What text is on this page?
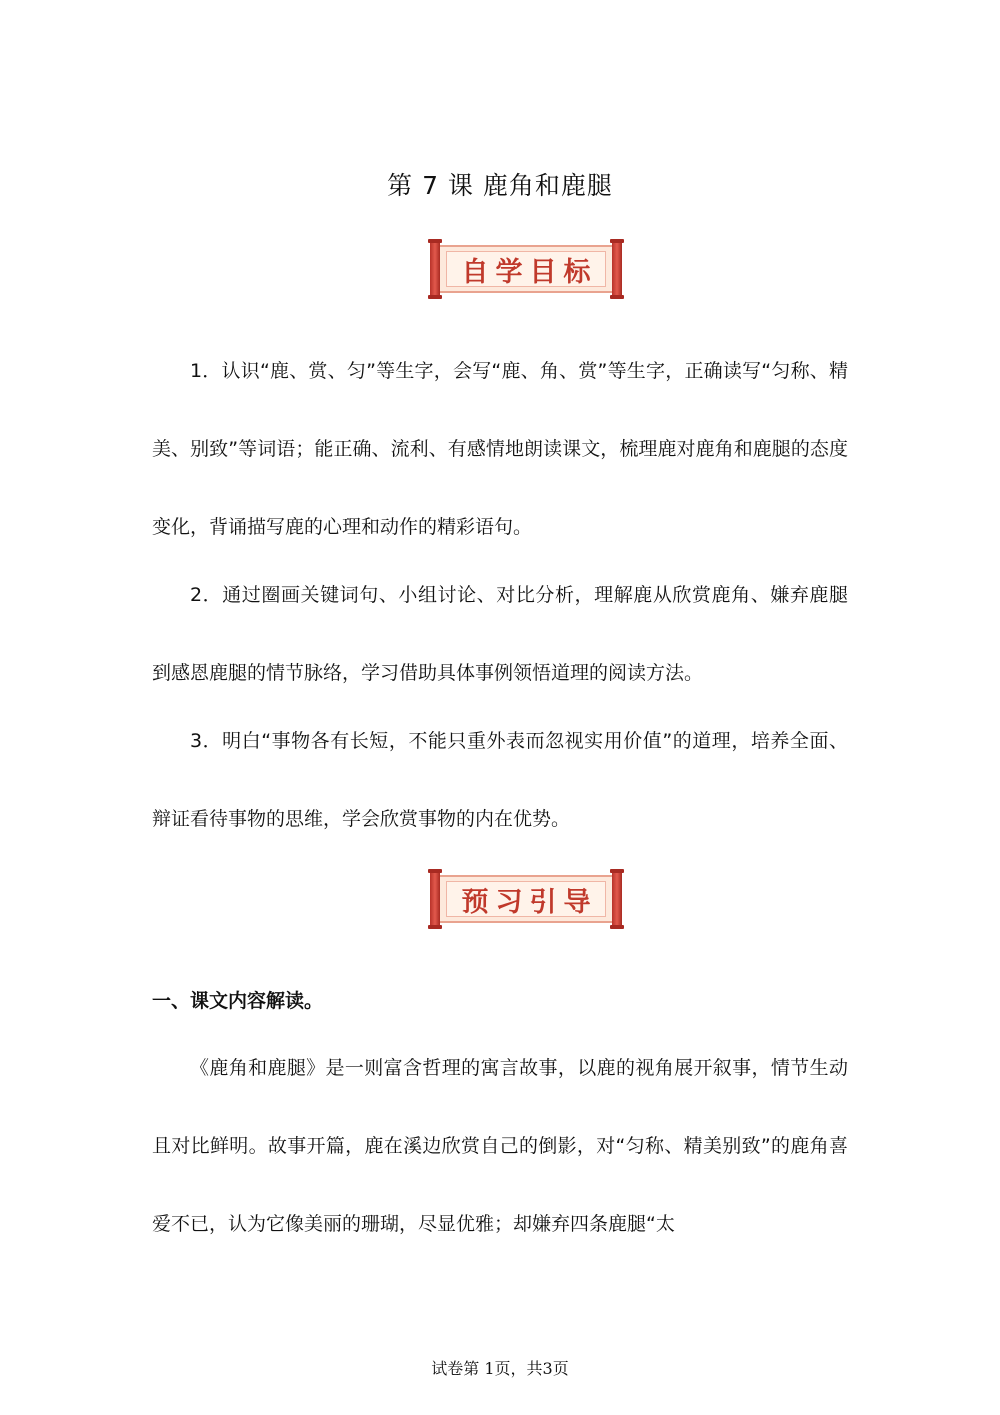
第 7 课 鹿角和鹿腿
自学目标

1．认识“鹿、赏、匀”等生字，会写“鹿、角、赏”等生字，正确读写“匀称、精美、别致”等词语；能正确、流利、有感情地朗读课文，梳理鹿对鹿角和鹿腿的态度变化，背诵描写鹿的心理和动作的精彩语句。

2．通过圈画关键词句、小组讨论、对比分析，理解鹿从欣赏鹿角、嫌弃鹿腿到感恩鹿腿的情节脉络，学习借助具体事例领悟道理的阅读方法。

3．明白“事物各有长短，不能只重外表而忽视实用价值”的道理，培养全面、辩证看待事物的思维，学会欣赏事物的内在优势。

预习引导
一、课文内容解读。

《鹿角和鹿腿》是一则富含哲理的寓言故事，以鹿的视角展开叙事，情节生动且对比鲜明。故事开篇，鹿在溪边欣赏自己的倒影，对“匀称、精美别致”的鹿角喜爱不已，认为它像美丽的珊瑚，尽显优雅；却嫌弃四条鹿腿“太

试卷第 1页，共3页
